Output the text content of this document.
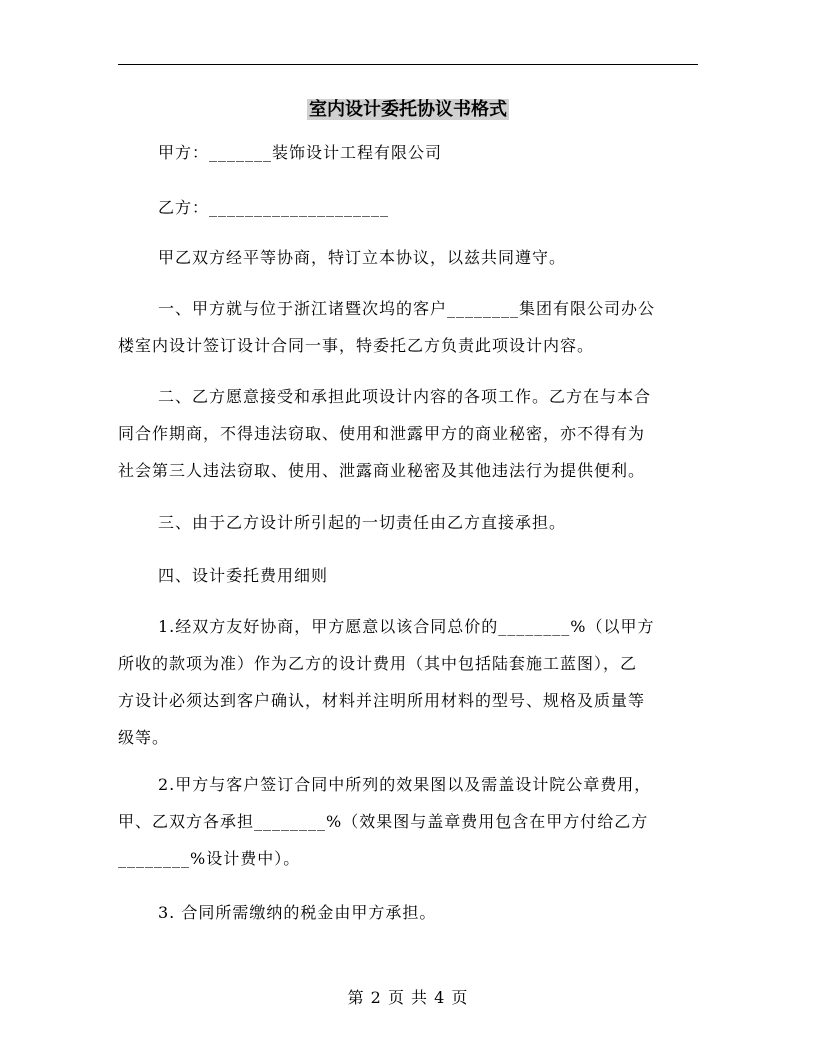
室内设计委托协议书格式

甲方：_______装饰设计工程有限公司

乙方：____________________

甲乙双方经平等协商，特订立本协议，以兹共同遵守。

一、甲方就与位于浙江诸暨次坞的客户________集团有限公司办公
楼室内设计签订设计合同一事，特委托乙方负责此项设计内容。
二、乙方愿意接受和承担此项设计内容的各项工作。乙方在与本合
同合作期商，不得违法窃取、使用和泄露甲方的商业秘密，亦不得有为
社会第三人违法窃取、使用、泄露商业秘密及其他违法行为提供便利。

三、由于乙方设计所引起的一切责任由乙方直接承担。

四、设计委托费用细则

1.经双方友好协商，甲方愿意以该合同总价的________%（以甲方
所收的款项为准）作为乙方的设计费用（其中包括陆套施工蓝图），乙
方设计必须达到客户确认，材料并注明所用材料的型号、规格及质量等
级等。
2.甲方与客户签订合同中所列的效果图以及需盖设计院公章费用，
甲、乙双方各承担________%（效果图与盖章费用包含在甲方付给乙方
________%设计费中）。

3. 合同所需缴纳的税金由甲方承担。

第 2 页 共 4 页
